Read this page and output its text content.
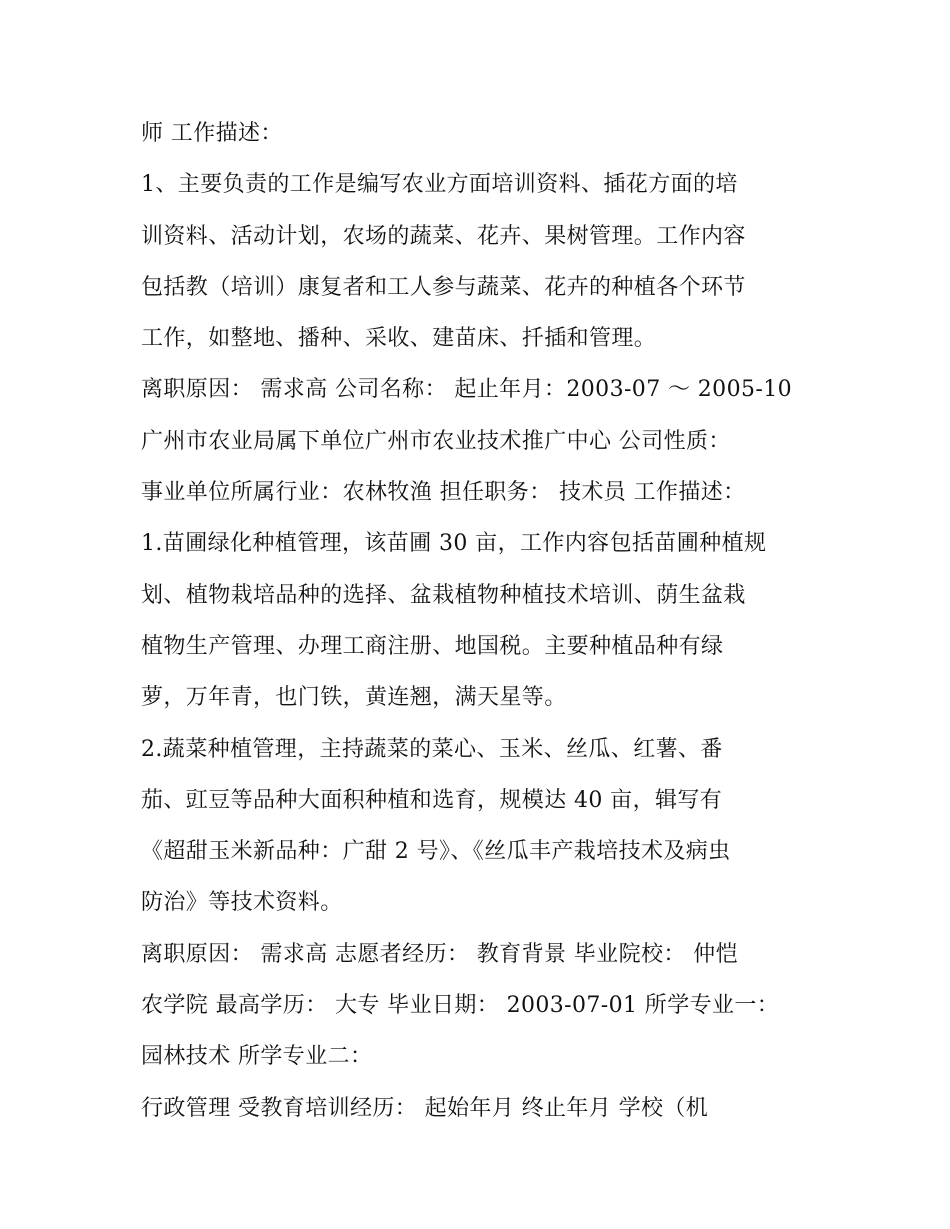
师 工作描述：
1、主要负责的工作是编写农业方面培训资料、插花方面的培
训资料、活动计划，农场的蔬菜、花卉、果树管理。工作内容
包括教（培训）康复者和工人参与蔬菜、花卉的种植各个环节
工作，如整地、播种、采收、建苗床、扦插和管理。
离职原因： 需求高 公司名称： 起止年月：2003-07 ～ 2005-10
广州市农业局属下单位广州市农业技术推广中心 公司性质：
事业单位所属行业：农林牧渔 担任职务： 技术员 工作描述：
1.苗圃绿化种植管理，该苗圃 30 亩，工作内容包括苗圃种植规
划、植物栽培品种的选择、盆栽植物种植技术培训、荫生盆栽
植物生产管理、办理工商注册、地国税。主要种植品种有绿
萝，万年青，也门铁，黄连翘，满天星等。
2.蔬菜种植管理，主持蔬菜的菜心、玉米、丝瓜、红薯、番
茄、豇豆等品种大面积种植和选育，规模达 40 亩，辑写有
《超甜玉米新品种：广甜 2 号》、《丝瓜丰产栽培技术及病虫
防治》等技术资料。
离职原因： 需求高 志愿者经历： 教育背景 毕业院校： 仲恺
农学院 最高学历： 大专 毕业日期： 2003-07-01 所学专业一：
园林技术 所学专业二：
行政管理 受教育培训经历： 起始年月 终止年月 学校（机
